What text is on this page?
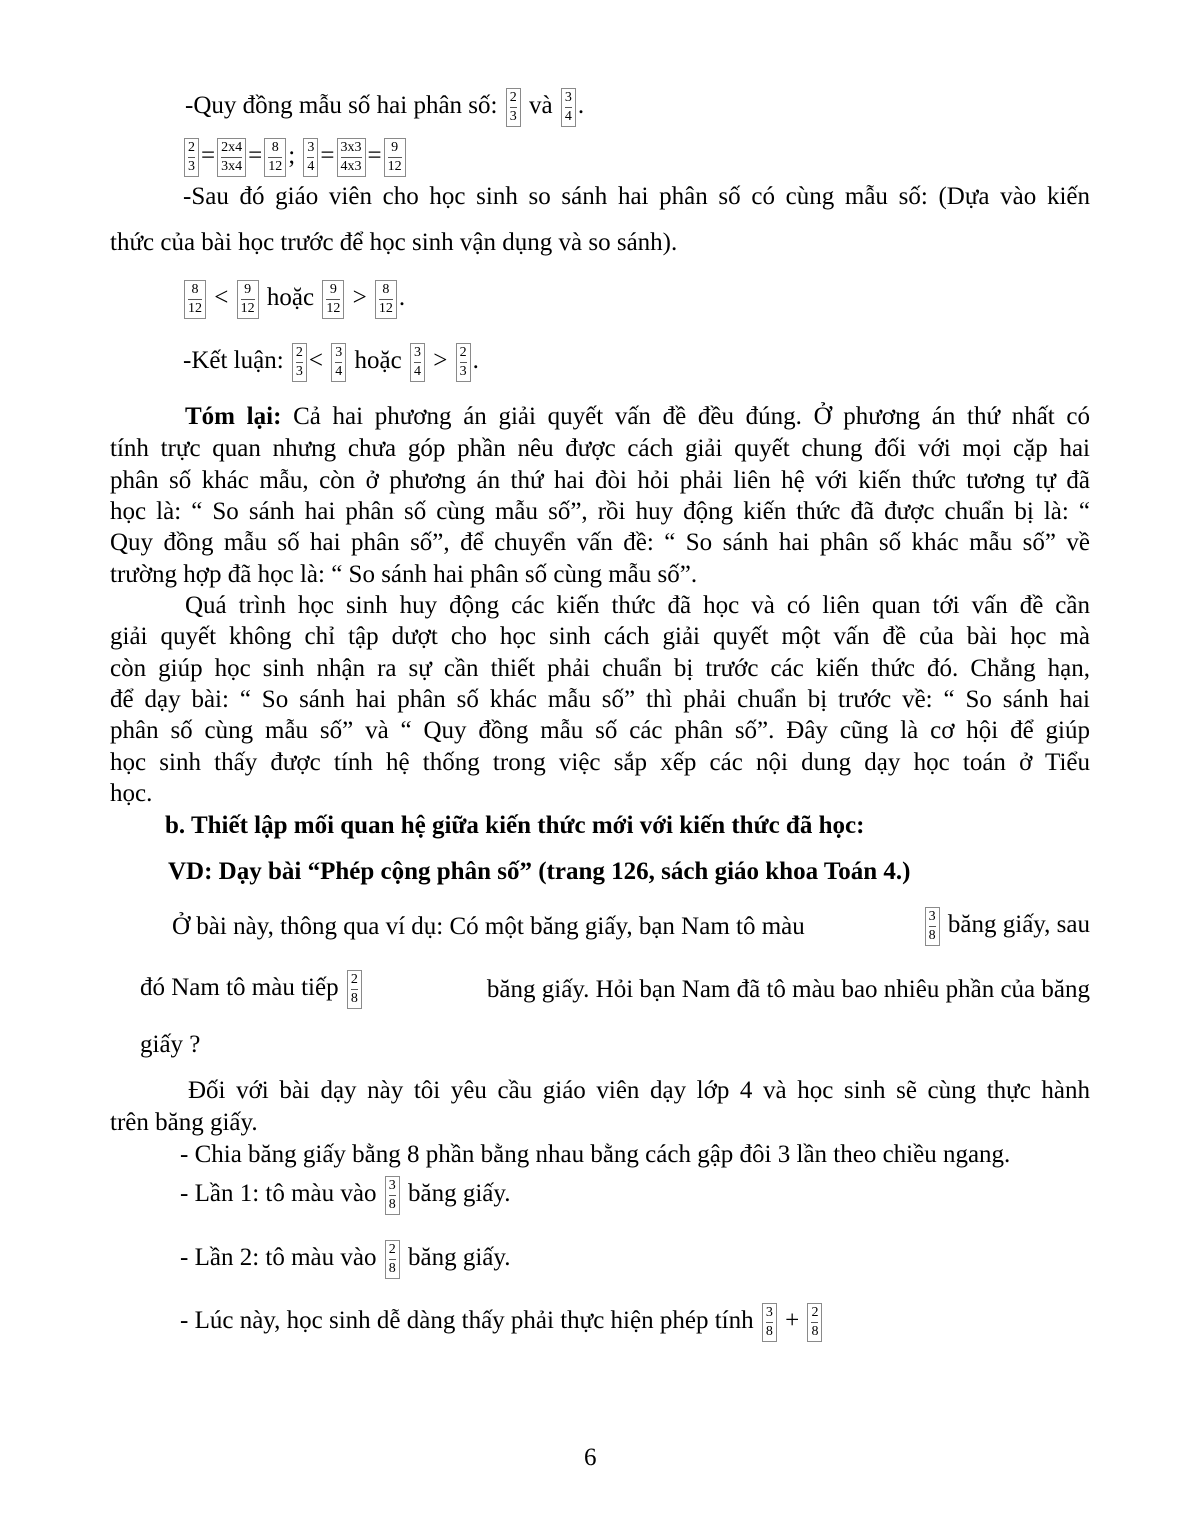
-Quy đồng mẫu số hai phân số: $\frac{2}{3}$ và $\frac{3}{4}$ .
$\frac{2}{3} = \frac{2x4}{3x4} = \frac{8}{12}$ ; $\frac{3}{4} = \frac{3x3}{4x3} = \frac{9}{12}$
-Sau đó giáo viên cho học sinh so sánh hai phân số có cùng mẫu số: (Dựa vào kiến
thức của bài học trước để học sinh vận dụng và so sánh).
$\frac{8}{12} < \frac{9}{12}$ hoặc $\frac{9}{12} > \frac{8}{12}$ .
-Kết luận: $\frac{2}{3} < \frac{3}{4}$ hoặc $\frac{3}{4} > \frac{2}{3}$ .
Tóm lại: Cả hai phương án giải quyết vấn đề đều đúng. Ở phương án thứ nhất có
tính trực quan nhưng chưa góp phần nêu được cách giải quyết chung đối với mọi cặp hai
phân số khác mẫu, còn ở phương án thứ hai đòi hỏi phải liên hệ với kiến thức tương tự đã
học là: “ So sánh hai phân số cùng mẫu số”, rồi huy động kiến thức đã được chuẩn bị là: “
Quy đồng mẫu số hai phân số”, để chuyển vấn đề: “ So sánh hai phân số khác mẫu số” về
trường hợp đã học là: “ So sánh hai phân số cùng mẫu số”.
Quá trình học sinh huy động các kiến thức đã học và có liên quan tới vấn đề cần
giải quyết không chỉ tập dượt cho học sinh cách giải quyết một vấn đề của bài học mà
còn giúp học sinh nhận ra sự cần thiết phải chuẩn bị trước các kiến thức đó. Chẳng hạn,
để dạy bài: “ So sánh hai phân số khác mẫu số” thì phải chuẩn bị trước về: “ So sánh hai
phân số cùng mẫu số” và “ Quy đồng mẫu số các phân số”. Đây cũng là cơ hội để giúp
học sinh thấy được tính hệ thống trong việc sắp xếp các nội dung dạy học toán ở Tiểu
học.
b. Thiết lập mối quan hệ giữa kiến thức mới với kiến thức đã học:
VD: Dạy bài “Phép cộng phân số” (trang 126, sách giáo khoa Toán 4.)
Ở bài này, thông qua ví dụ: Có một băng giấy, bạn Nam tô màu	$\frac{3}{8}$ băng giấy, sau
đó Nam tô màu tiếp $\frac{2}{8}$	băng giấy. Hỏi bạn Nam đã tô màu bao nhiêu phần của băng
giấy ?
Đối với bài dạy này tôi yêu cầu giáo viên dạy lớp 4 và học sinh sẽ cùng thực hành
trên băng giấy.
- Chia băng giấy bằng 8 phần bằng nhau bằng cách gập đôi 3 lần theo chiều ngang.
- Lần 1: tô màu vào $\frac{3}{8}$ băng giấy.
- Lần 2: tô màu vào $\frac{2}{8}$ băng giấy.
- Lúc này, học sinh dễ dàng thấy phải thực hiện phép tính $\frac{3}{8} + \frac{2}{8}$
6
